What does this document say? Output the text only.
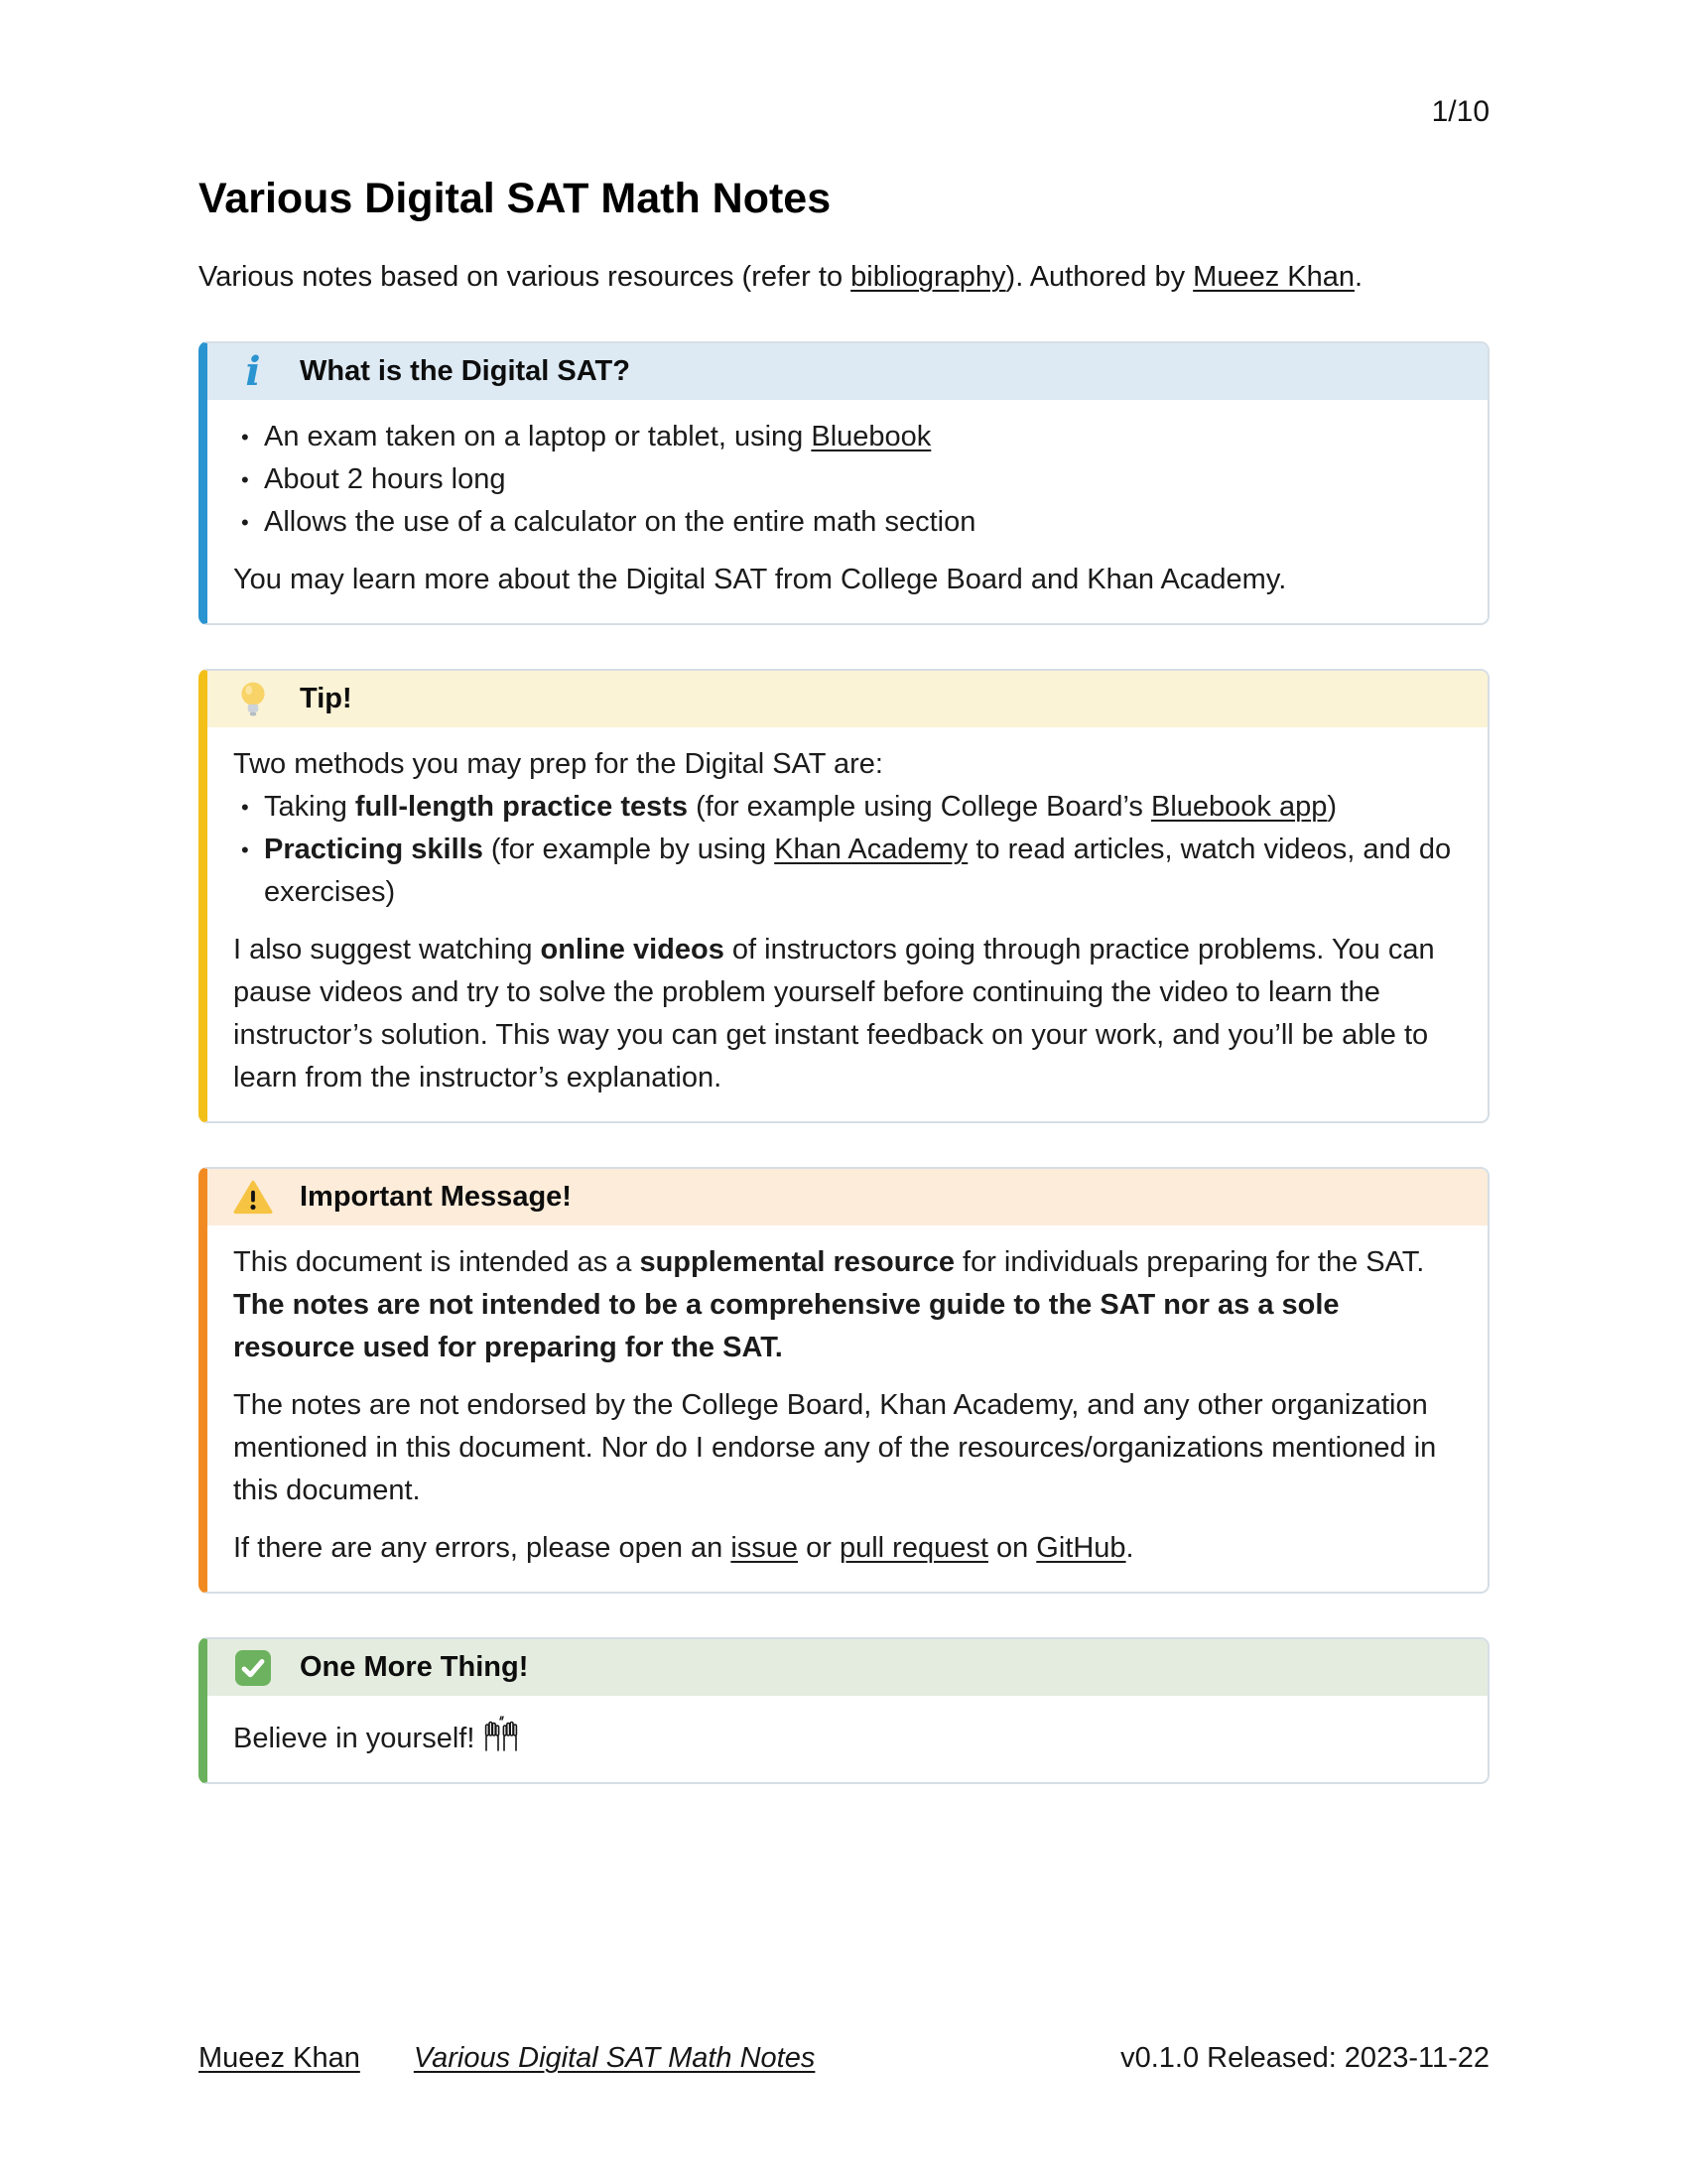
1/10
Various Digital SAT Math Notes

Various notes based on various resources (refer to bibliography). Authored by Mueez Khan.

i What is the Digital SAT?
• An exam taken on a laptop or tablet, using Bluebook
• About 2 hours long
• Allows the use of a calculator on the entire math section

You may learn more about the Digital SAT from College Board and Khan Academy.

Tip!

Two methods you may prep for the Digital SAT are:

• Taking full-length practice tests (for example using College Board’s Bluebook app)
• Practicing skills (for example by using Khan Academy to read articles, watch videos, and do exercises)

I also suggest watching online videos of instructors going through practice problems. You can pause videos and try to solve the problem yourself before continuing the video to learn the instructor’s solution. This way you can get instant feedback on your work, and you’ll be able to learn from the instructor’s explanation.

Important Message!

This document is intended as a supplemental resource for individuals preparing for the SAT. The notes are not intended to be a comprehensive guide to the SAT nor as a sole resource used for preparing for the SAT.

The notes are not endorsed by the College Board, Khan Academy, and any other organization mentioned in this document. Nor do I endorse any of the resources/organizations mentioned in this document.

If there are any errors, please open an issue or pull request on GitHub.

One More Thing!

Believe in yourself!

Mueez Khan Various Digital SAT Math Notes	v0.1.0 Released: 2023-11-22
